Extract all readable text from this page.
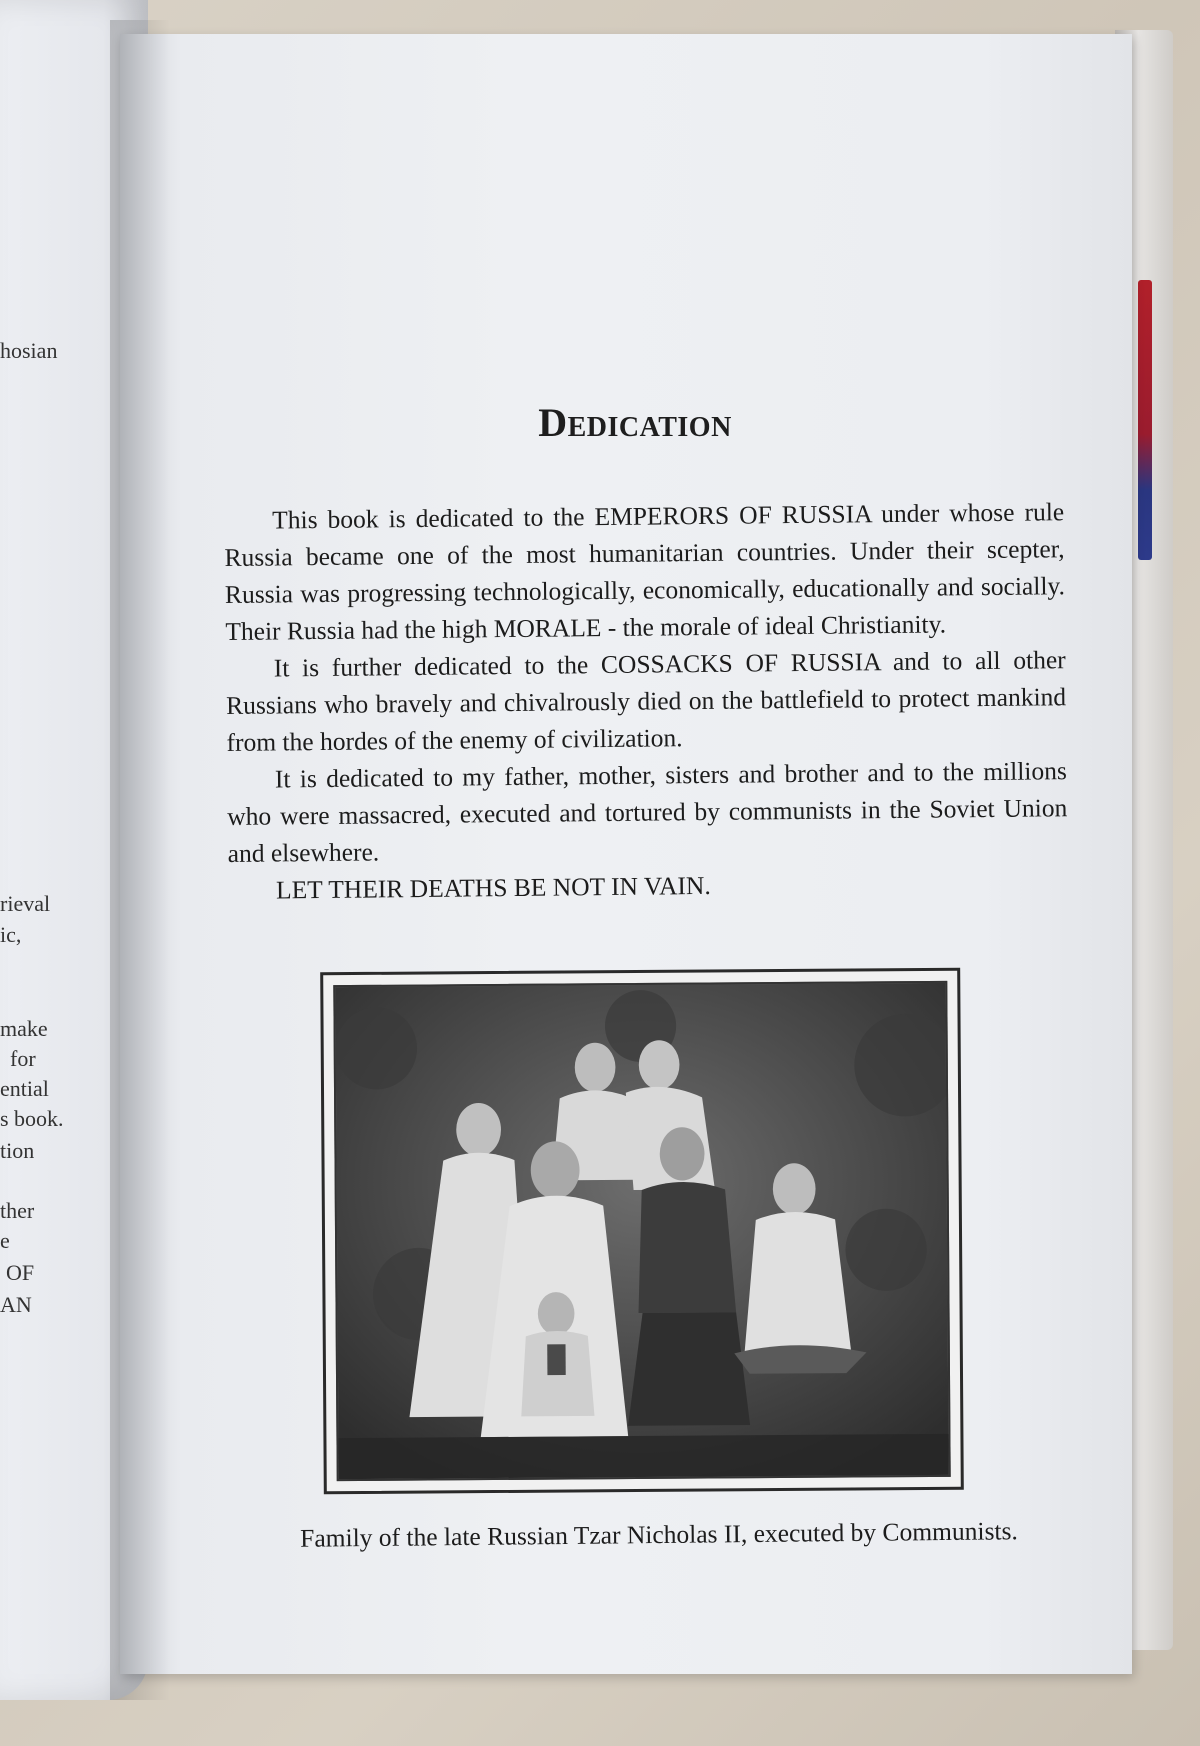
hosian
rieval
ic,
make
for
ential
s book.
tion
ther
e
OF
AN
Dedication

This book is dedicated to the EMPERORS OF RUSSIA under whose rule Russia became one of the most humanitarian countries. Under their scepter, Russia was progressing technologically, economically, educationally and socially. Their Russia had the high MORALE - the morale of ideal Christianity.

It is further dedicated to the COSSACKS OF RUSSIA and to all other Russians who bravely and chivalrously died on the battlefield to protect mankind from the hordes of the enemy of civilization.

It is dedicated to my father, mother, sisters and brother and to the millions who were massacred, executed and tortured by communists in the Soviet Union and elsewhere.

LET THEIR DEATHS BE NOT IN VAIN.

Family of the late Russian Tzar Nicholas II, executed by Communists.
